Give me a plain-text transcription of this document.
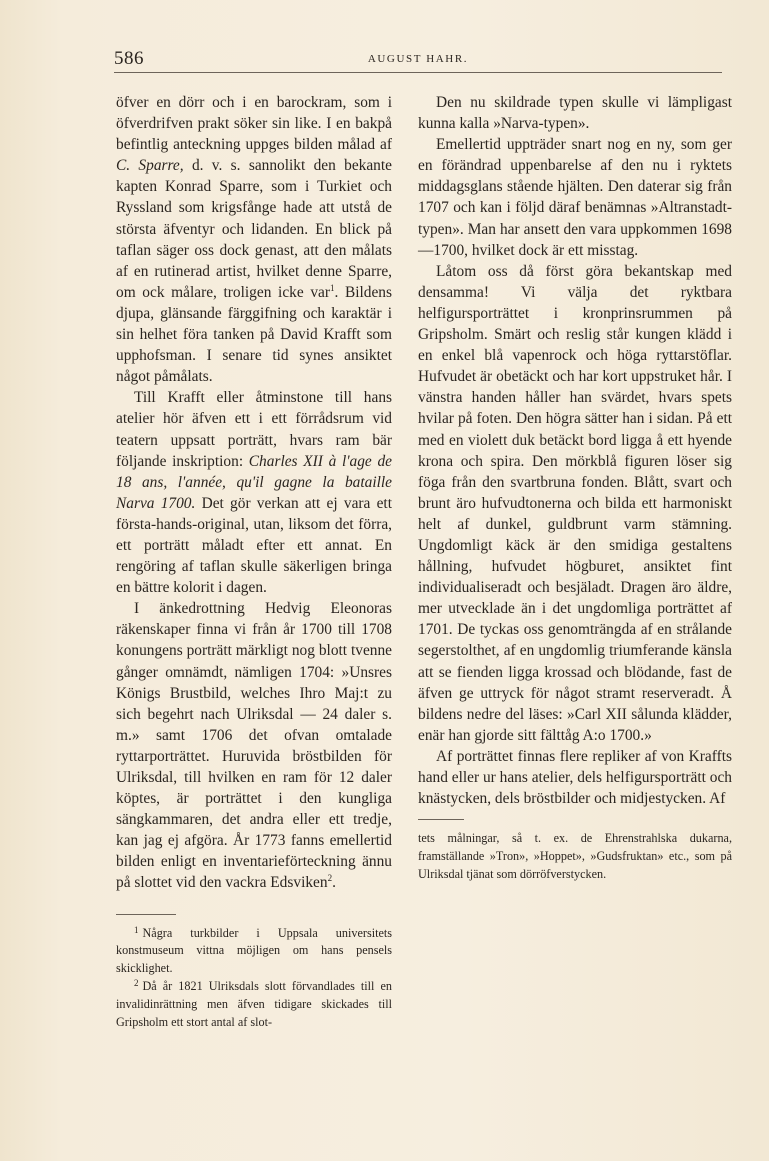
586	AUGUST HAHR.

öfver en dörr och i en barockram, som i öfverdrifven prakt söker sin like. I en bakpå befintlig anteckning uppges bilden målad af C. Sparre, d. v. s. sannolikt den bekante kapten Konrad Sparre, som i Turkiet och Ryssland som krigsfånge hade att utstå de största äfventyr och lidanden. En blick på taflan säger oss dock genast, att den målats af en rutinerad artist, hvilket denne Sparre, om ock målare, troligen icke var$^1$. Bildens djupa, glänsande färggifning och karaktär i sin helhet föra tanken på David Krafft som upphofsman. I senare tid synes ansiktet något påmålats.

Till Krafft eller åtminstone till hans atelier hör äfven ett i ett förrådsrum vid teatern uppsatt porträtt, hvars ram bär följande inskription: Charles XII à l'age de 18 ans, l'année, qu'il gagne la bataille Narva 1700. Det gör verkan att ej vara ett första-hands-original, utan, liksom det förra, ett porträtt måladt efter ett annat. En rengöring af taflan skulle säkerligen bringa en bättre kolorit i dagen.

I änkedrottning Hedvig Eleonoras räkenskaper finna vi från år 1700 till 1708 konungens porträtt märkligt nog blott tvenne gånger omnämdt, nämligen 1704: »Unsres Königs Brustbild, welches Ihro Maj:t zu sich begehrt nach Ulriksdal — 24 daler s. m.» samt 1706 det ofvan omtalade ryttarporträttet. Huruvida bröstbilden för Ulriksdal, till hvilken en ram för 12 daler köptes, är porträttet i den kungliga sängkammaren, det andra eller ett tredje, kan jag ej afgöra. År 1773 fanns emellertid bilden enligt en inventarieförteckning ännu på slottet vid den vackra Edsviken$^2$.

$^1$ Några turkbilder i Uppsala universitets konstmuseum vittna möjligen om hans pensels skicklighet.

$^2$ Då år 1821 Ulriksdals slott förvandlades till en invalidinrättning men äfven tidigare skickades till Gripsholm ett stort antal af slot-

Den nu skildrade typen skulle vi lämpligast kunna kalla »Narva-typen».

Emellertid uppträder snart nog en ny, som ger en förändrad uppenbarelse af den nu i ryktets middagsglans stående hjälten. Den daterar sig från 1707 och kan i följd däraf benämnas »Altranstadt-typen». Man har ansett den vara uppkommen 1698—1700, hvilket dock är ett misstag.

Låtom oss då först göra bekantskap med densamma! Vi välja det ryktbara helfigursporträttet i kronprinsrummen på Gripsholm. Smärt och reslig står kungen klädd i en enkel blå vapenrock och höga ryttarstöflar. Hufvudet är obetäckt och har kort uppstruket hår. I vänstra handen håller han svärdet, hvars spets hvilar på foten. Den högra sätter han i sidan. På ett med en violett duk betäckt bord ligga å ett hyende krona och spira. Den mörkblå figuren löser sig föga från den svartbruna fonden. Blått, svart och brunt äro hufvudtonerna och bilda ett harmoniskt helt af dunkel, guldbrunt varm stämning. Ungdomligt käck är den smidiga gestaltens hållning, hufvudet högburet, ansiktet fint individualiseradt och besjäladt. Dragen äro äldre, mer utvecklade än i det ungdomliga porträttet af 1701. De tyckas oss genomträngda af en strålande segerstolthet, af en ungdomlig triumferande känsla att se fienden ligga krossad och blödande, fast de äfven ge uttryck för något stramt reserveradt. Å bildens nedre del läses: »Carl XII sålunda klädder, enär han gjorde sitt fälttåg A:o 1700.»

Af porträttet finnas flere repliker af von Kraffts hand eller ur hans atelier, dels helfigursporträtt och knästycken, dels bröstbilder och midjestycken. Af

tets målningar, så t. ex. de Ehrenstrahlska dukarna, framställande »Tron», »Hoppet», »Gudsfruktan» etc., som på Ulriksdal tjänat som dörröfverstycken.
